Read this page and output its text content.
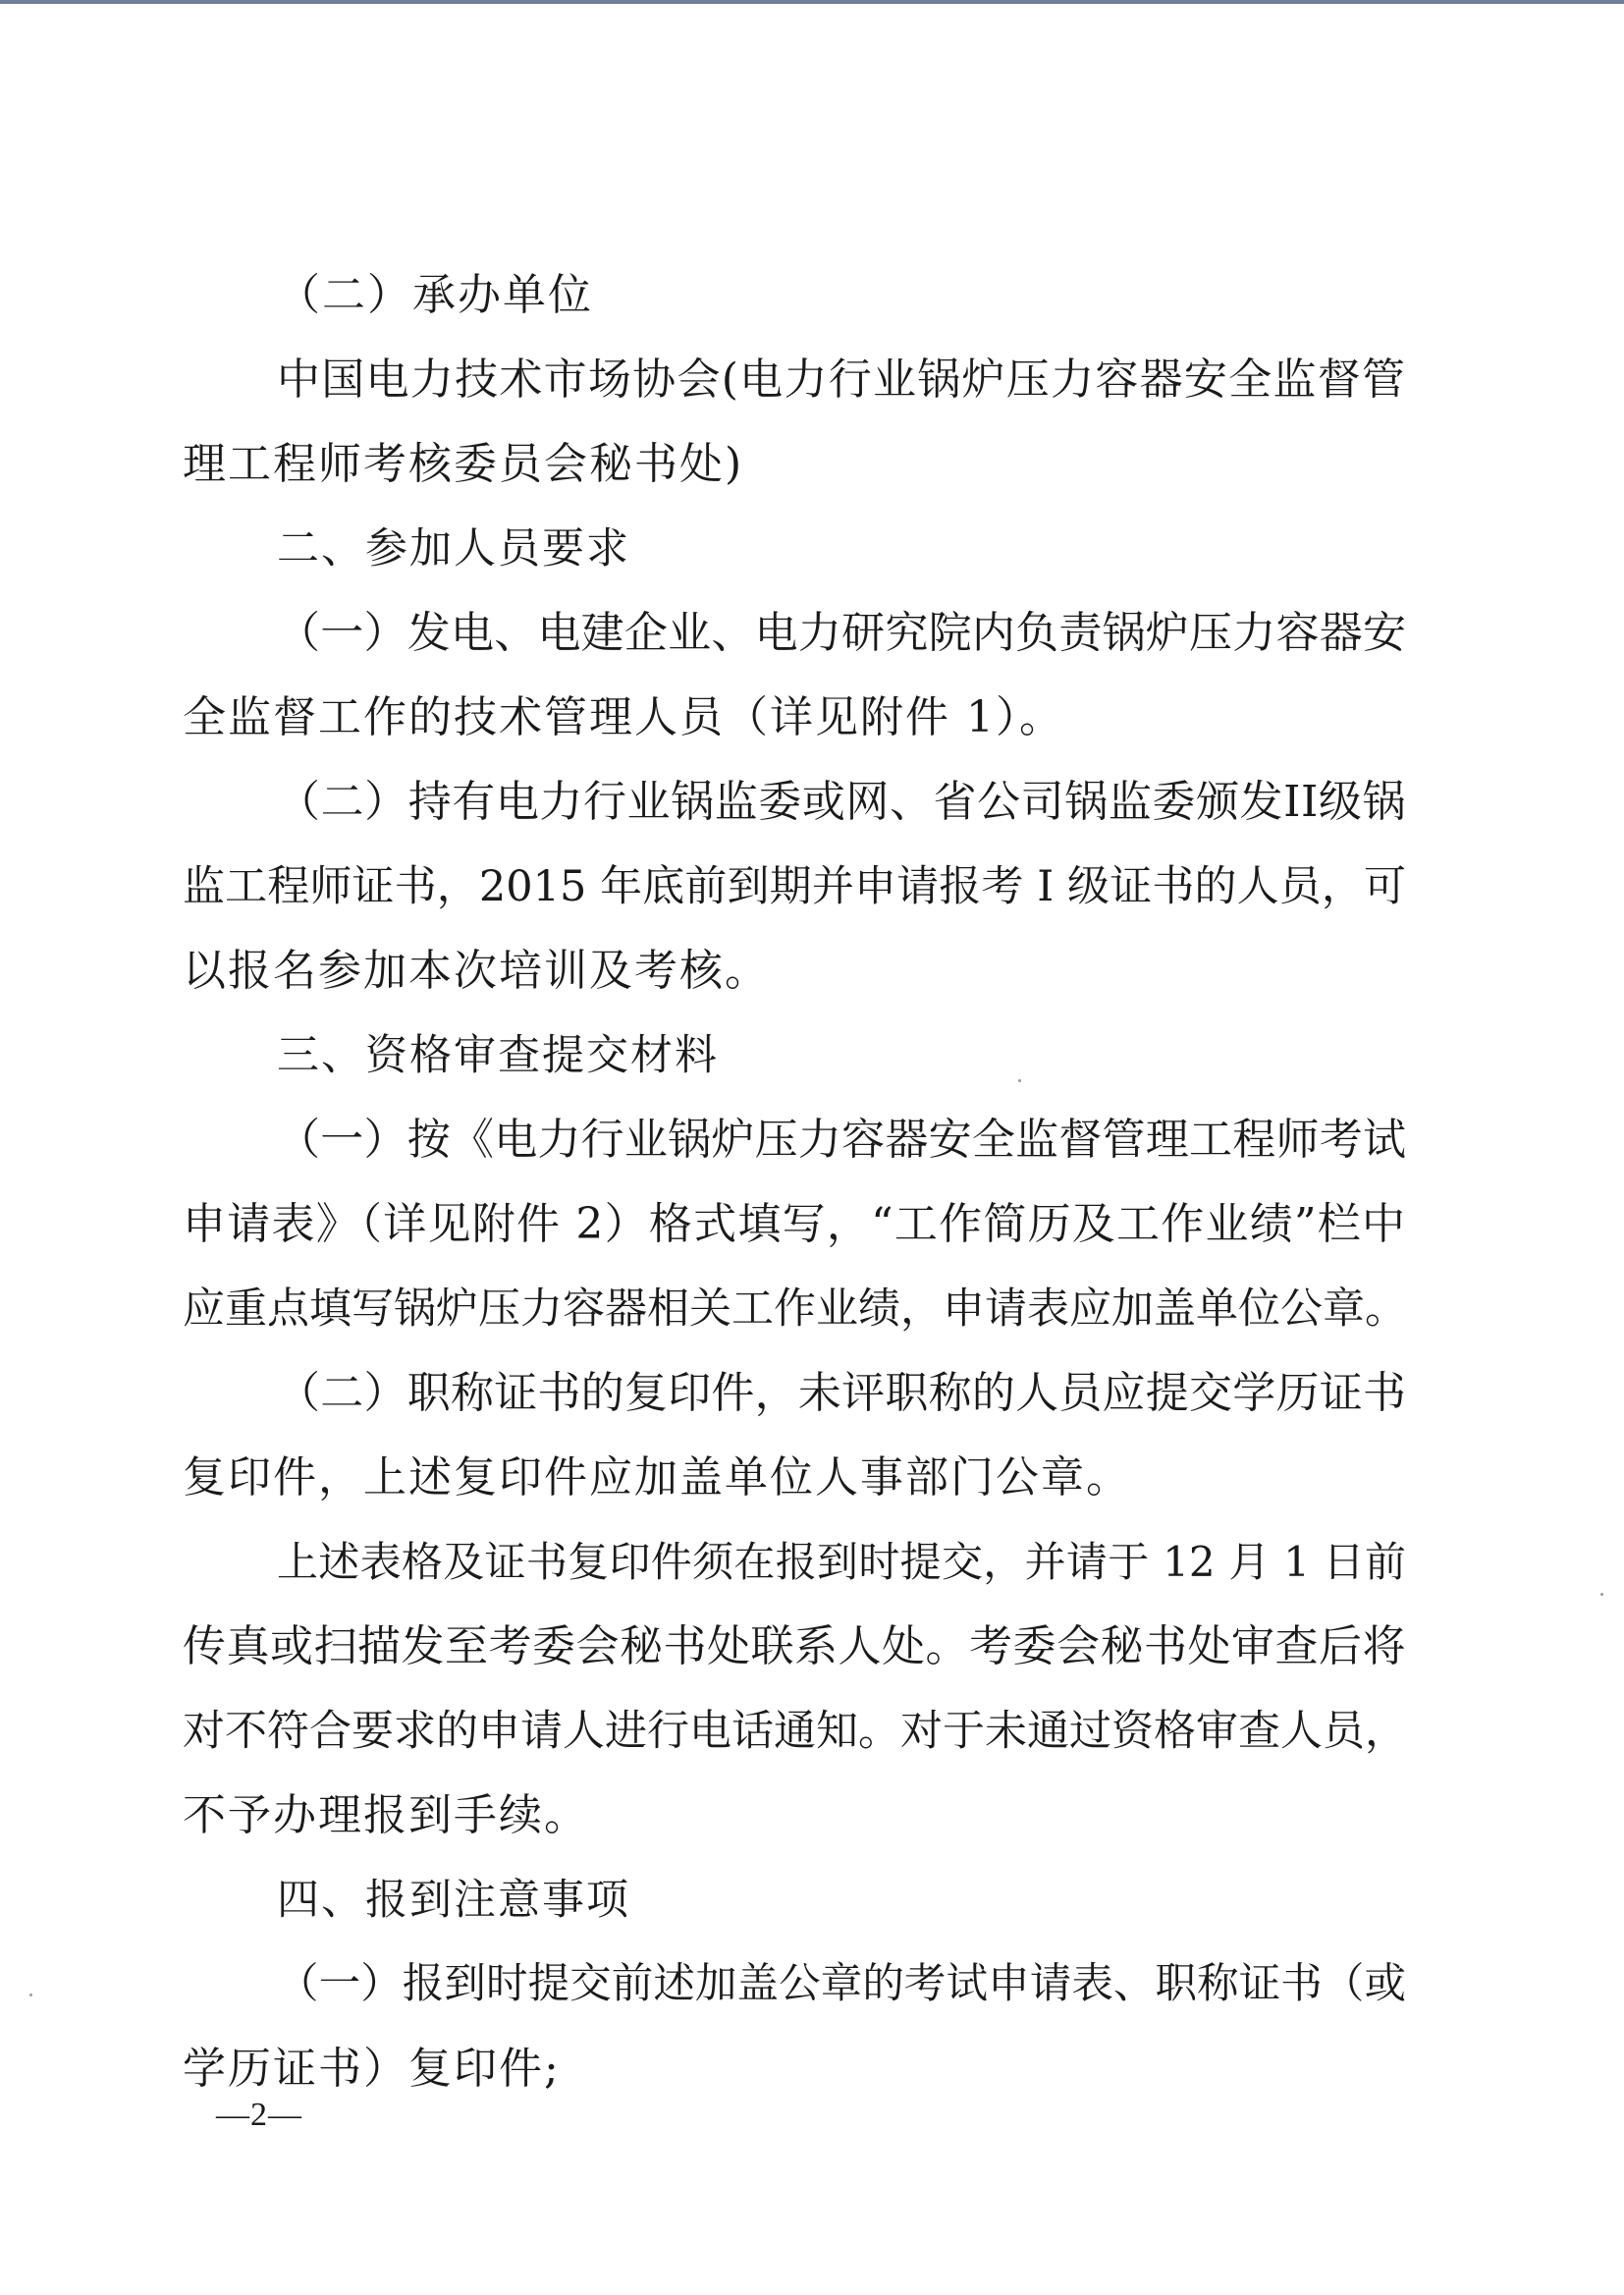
（二）承办单位
中国电力技术市场协会(电力行业锅炉压力容器安全监督管
理工程师考核委员会秘书处)
二、参加人员要求
（一）发电、电建企业、电力研究院内负责锅炉压力容器安
全监督工作的技术管理人员（详见附件 1）。
（二）持有电力行业锅监委或网、省公司锅监委颁发II级锅
监工程师证书，2015 年底前到期并申请报考 I 级证书的人员，可
以报名参加本次培训及考核。
三、资格审查提交材料
（一）按《电力行业锅炉压力容器安全监督管理工程师考试
申请表》（详见附件 2）格式填写，“工作简历及工作业绩”栏中
应重点填写锅炉压力容器相关工作业绩，申请表应加盖单位公章。
（二）职称证书的复印件，未评职称的人员应提交学历证书
复印件，上述复印件应加盖单位人事部门公章。
上述表格及证书复印件须在报到时提交，并请于 12 月 1 日前
传真或扫描发至考委会秘书处联系人处。考委会秘书处审查后将
对不符合要求的申请人进行电话通知。对于未通过资格审查人员，
不予办理报到手续。
四、报到注意事项
（一）报到时提交前述加盖公章的考试申请表、职称证书（或
学历证书）复印件;
—2—
